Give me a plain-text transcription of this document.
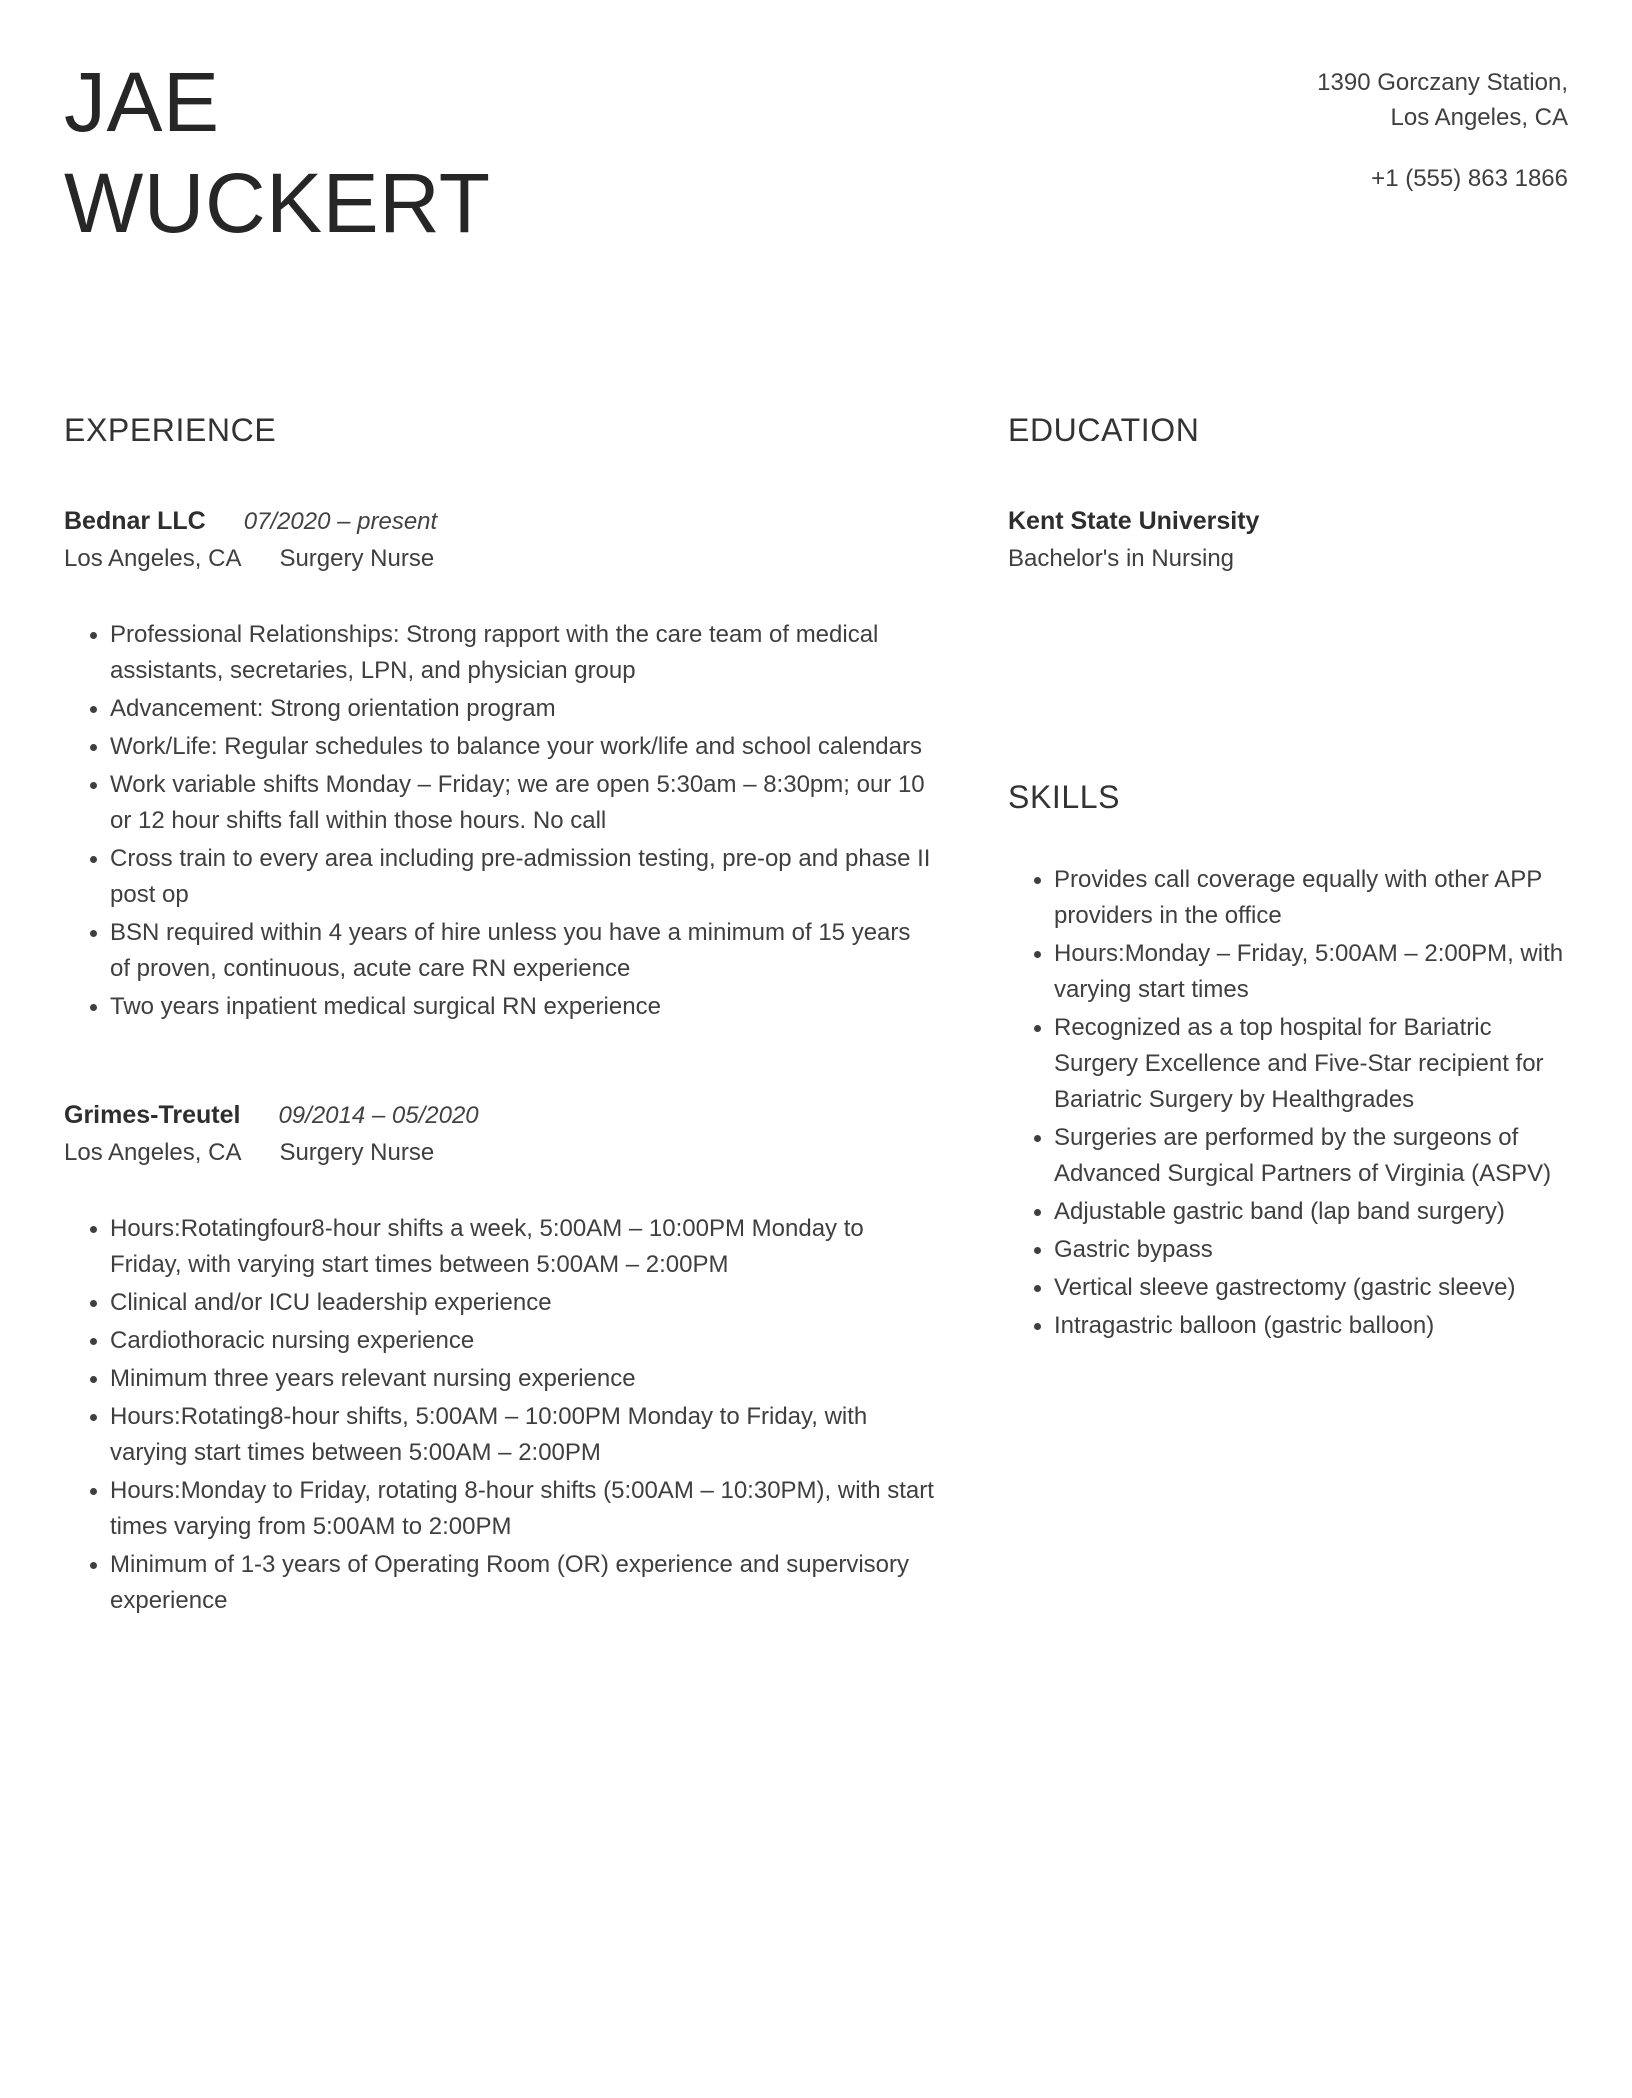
JAE
WUCKERT
1390 Gorczany Station,
Los Angeles, CA
+1 (555) 863 1866
EXPERIENCE
Bednar LLC 07/2020 – present
Los Angeles, CA Surgery Nurse
• Professional Relationships: Strong rapport with the care team of medical assistants, secretaries, LPN, and physician group
• Advancement: Strong orientation program
• Work/Life: Regular schedules to balance your work/life and school calendars
• Work variable shifts Monday – Friday; we are open 5:30am – 8:30pm; our 10 or 12 hour shifts fall within those hours. No call
• Cross train to every area including pre-admission testing, pre-op and phase II post op
• BSN required within 4 years of hire unless you have a minimum of 15 years of proven, continuous, acute care RN experience
• Two years inpatient medical surgical RN experience
Grimes-Treutel 09/2014 – 05/2020
Los Angeles, CA Surgery Nurse
• Hours:Rotatingfour8-hour shifts a week, 5:00AM – 10:00PM Monday to Friday, with varying start times between 5:00AM – 2:00PM
• Clinical and/or ICU leadership experience
• Cardiothoracic nursing experience
• Minimum three years relevant nursing experience
• Hours:Rotating8-hour shifts, 5:00AM – 10:00PM Monday to Friday, with varying start times between 5:00AM – 2:00PM
• Hours:Monday to Friday, rotating 8-hour shifts (5:00AM – 10:30PM), with start times varying from 5:00AM to 2:00PM
• Minimum of 1-3 years of Operating Room (OR) experience and supervisory experience
EDUCATION
Kent State University
Bachelor's in Nursing
SKILLS
• Provides call coverage equally with other APP providers in the office
• Hours:Monday – Friday, 5:00AM – 2:00PM, with varying start times
• Recognized as a top hospital for Bariatric Surgery Excellence and Five-Star recipient for Bariatric Surgery by Healthgrades
• Surgeries are performed by the surgeons of Advanced Surgical Partners of Virginia (ASPV)
• Adjustable gastric band (lap band surgery)
• Gastric bypass
• Vertical sleeve gastrectomy (gastric sleeve)
• Intragastric balloon (gastric balloon)
